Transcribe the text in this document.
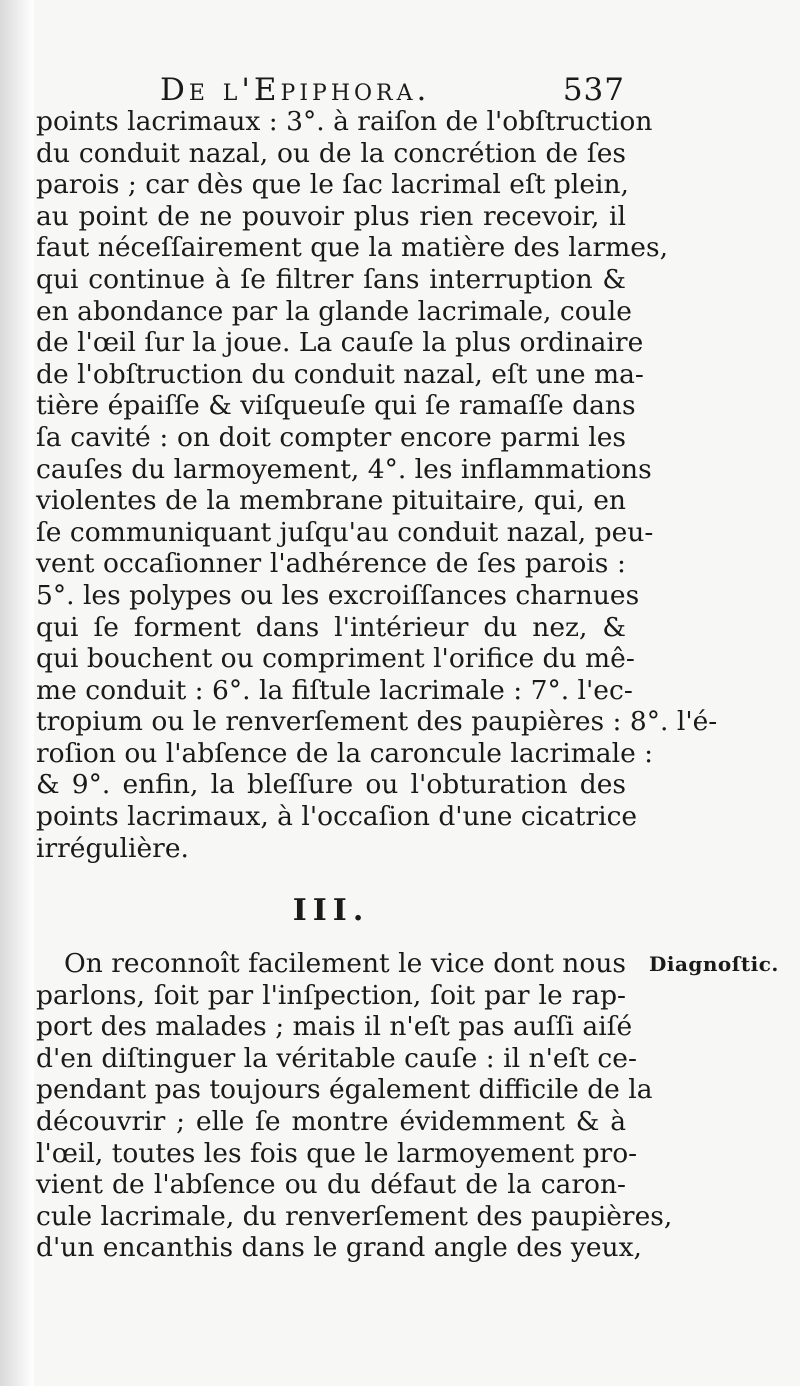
De l'Epiphora.	537
points lacrimaux : 3°. à raiſon de l'obſtruction
du conduit nazal, ou de la concrétion de ſes
parois ; car dès que le ſac lacrimal eſt plein,
au point de ne pouvoir plus rien recevoir, il
faut néceſſairement que la matière des larmes,
qui continue à ſe filtrer ſans interruption &
en abondance par la glande lacrimale, coule
de l'œil ſur la joue. La cauſe la plus ordinaire
de l'obſtruction du conduit nazal, eſt une ma-
tière épaiſſe & viſqueuſe qui ſe ramaſſe dans
ſa cavité : on doit compter encore parmi les
cauſes du larmoyement, 4°. les inflammations
violentes de la membrane pituitaire, qui, en
ſe communiquant juſqu'au conduit nazal, peu-
vent occaſionner l'adhérence de ſes parois :
5°. les polypes ou les excroiſſances charnues
qui ſe forment dans l'intérieur du nez, &
qui bouchent ou compriment l'orifice du mê-
me conduit : 6°. la fiſtule lacrimale : 7°. l'ec-
tropium ou le renverſement des paupières : 8°. l'é-
roſion ou l'abſence de la caroncule lacrimale :
& 9°. enfin, la bleſſure ou l'obturation des
points lacrimaux, à l'occaſion d'une cicatrice
irrégulière.
III.
Diagnoſtic.
On reconnoît facilement le vice dont nous
parlons, ſoit par l'inſpection, ſoit par le rap-
port des malades ; mais il n'eſt pas auſſi aiſé
d'en diſtinguer la véritable cauſe : il n'eſt ce-
pendant pas toujours également difficile de la
découvrir ; elle ſe montre évidemment & à
l'œil, toutes les fois que le larmoyement pro-
vient de l'abſence ou du défaut de la caron-
cule lacrimale, du renverſement des paupières,
d'un encanthis dans le grand angle des yeux,
